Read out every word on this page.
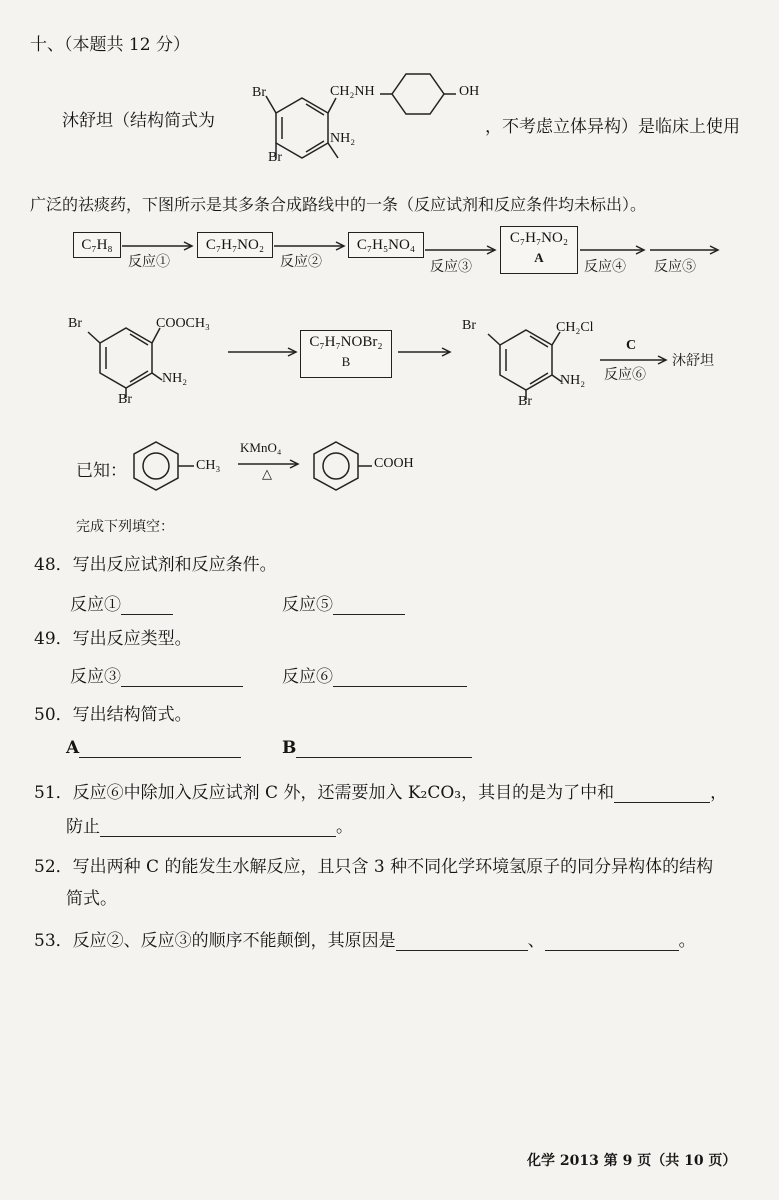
十、（本题共 12 分）
沐舒坦（结构简式为
Br	CH₂NH	OH
NH₂
Br
，不考虑立体异构）是临床上使用
广泛的祛痰药，下图所示是其多条合成路线中的一条（反应试剂和反应条件均未标出）。
C₇H₈
反应①
C₇H₇NO₂
反应②
C₇H₅NO₄
反应③
C₇H₇NO₂
A
反应④ 反应⑤
Br	COOCH₃
NH₂
Br
C₇H₇NOBr₂
B
Br	CH₂Cl
NH₂
Br
C
反应⑥
沐舒坦
已知：	CH₃
KMnO₄
△
COOH
完成下列填空：
48．写出反应试剂和反应条件。
反应①	反应⑤
49．写出反应类型。
反应③	反应⑥
50．写出结构简式。
A	B
51．反应⑥中除加入反应试剂 C 外，还需要加入 K₂CO₃，其目的是为了中和	，
防止	。
52．写出两种 C 的能发生水解反应，且只含 3 种不同化学环境氢原子的同分异构体的结构
简式。
53．反应②、反应③的顺序不能颠倒，其原因是	、	。
化学 2013 第 9 页（共 10 页）
